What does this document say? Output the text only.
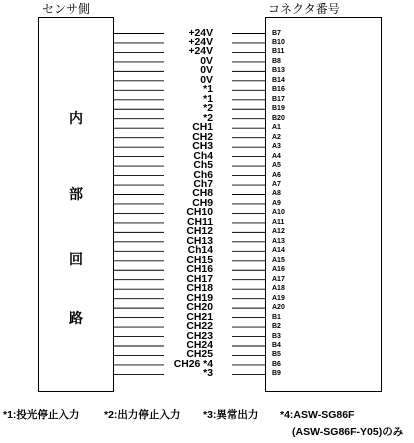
センサ側	コネクタ番号
内
部
回
路
+24V	B7
+24V	B10
+24V	B11
0V	B8
0V	B13
0V	B14
*1	B16
*1	B17
*2	B19
*2	B20
CH1	A1
CH2	A2
CH3	A3
Ch4	A4
Ch5	A5
Ch6	A6
Ch7	A7
CH8	A8
CH9	A9
CH10	A10
CH11	A11
CH12	A12
CH13	A13
Ch14	A14
CH15	A15
CH16	A16
CH17	A17
CH18	A18
CH19	A19
CH20	A20
CH21	B1
CH22	B2
CH23	B3
CH24	B4
CH25	B5
CH26 *4	B6
*3	B9
*1:投光停止入力 *2:出力停止入力 *3:異常出力 *4:ASW-SG86F
(ASW-SG86F-Y05)のみ
